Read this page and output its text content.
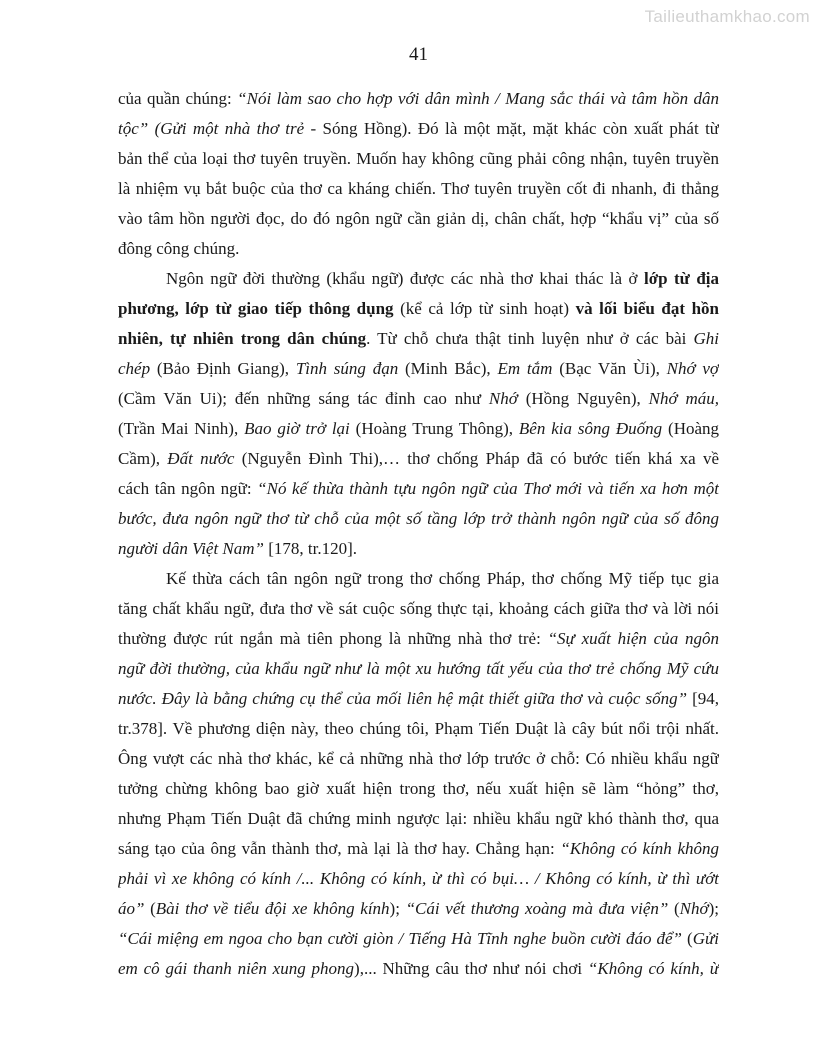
Tailieuthamkhao.com
41
của quần chúng: “Nói làm sao cho hợp với dân mình / Mang sắc thái và tâm hồn dân
tộc” (Gửi một nhà thơ trẻ - Sóng Hồng). Đó là một mặt, mặt khác còn xuất phát từ
bản thể của loại thơ tuyên truyền. Muốn hay không cũng phải công nhận, tuyên truyền
là nhiệm vụ bắt buộc của thơ ca kháng chiến. Thơ tuyên truyền cốt đi nhanh, đi thẳng
vào tâm hồn người đọc, do đó ngôn ngữ cần giản dị, chân chất, hợp “khẩu vị” của số
đông công chúng.
Ngôn ngữ đời thường (khẩu ngữ) được các nhà thơ khai thác là ở lớp từ địa
phương, lớp từ giao tiếp thông dụng (kể cả lớp từ sinh hoạt) và lối biểu đạt hồn
nhiên, tự nhiên trong dân chúng. Từ chỗ chưa thật tinh luyện như ở các bài Ghi
chép (Bảo Định Giang), Tình súng đạn (Minh Bắc), Em tắm (Bạc Văn Ùi), Nhớ vợ
(Cầm Văn Ui); đến những sáng tác đỉnh cao như Nhớ (Hồng Nguyên), Nhớ máu,
(Trần Mai Ninh), Bao giờ trở lại (Hoàng Trung Thông), Bên kia sông Đuống (Hoàng
Cầm), Đất nước (Nguyễn Đình Thi),… thơ chống Pháp đã có bước tiến khá xa về
cách tân ngôn ngữ: “Nó kế thừa thành tựu ngôn ngữ của Thơ mới và tiến xa hơn một
bước, đưa ngôn ngữ thơ từ chỗ của một số tầng lớp trở thành ngôn ngữ của số đông
người dân Việt Nam” [178, tr.120].
Kế thừa cách tân ngôn ngữ trong thơ chống Pháp, thơ chống Mỹ tiếp tục gia
tăng chất khẩu ngữ, đưa thơ về sát cuộc sống thực tại, khoảng cách giữa thơ và lời nói
thường được rút ngắn mà tiên phong là những nhà thơ trẻ: “Sự xuất hiện của ngôn
ngữ đời thường, của khẩu ngữ như là một xu hướng tất yếu của thơ trẻ chống Mỹ cứu
nước. Đây là bằng chứng cụ thể của mối liên hệ mật thiết giữa thơ và cuộc sống” [94,
tr.378]. Về phương diện này, theo chúng tôi, Phạm Tiến Duật là cây bút nổi trội nhất.
Ông vượt các nhà thơ khác, kể cả những nhà thơ lớp trước ở chỗ: Có nhiều khẩu ngữ
tưởng chừng không bao giờ xuất hiện trong thơ, nếu xuất hiện sẽ làm “hỏng” thơ,
nhưng Phạm Tiến Duật đã chứng minh ngược lại: nhiều khẩu ngữ khó thành thơ, qua
sáng tạo của ông vẫn thành thơ, mà lại là thơ hay. Chẳng hạn: “Không có kính không
phải vì xe không có kính /... Không có kính, ừ thì có bụi… / Không có kính, ừ thì ướt
áo” (Bài thơ về tiểu đội xe không kính); “Cái vết thương xoàng mà đưa viện” (Nhớ);
“Cái miệng em ngoa cho bạn cười giòn / Tiếng Hà Tĩnh nghe buồn cười đáo để” (Gửi
em cô gái thanh niên xung phong),... Những câu thơ như nói chơi “Không có kính, ừ
